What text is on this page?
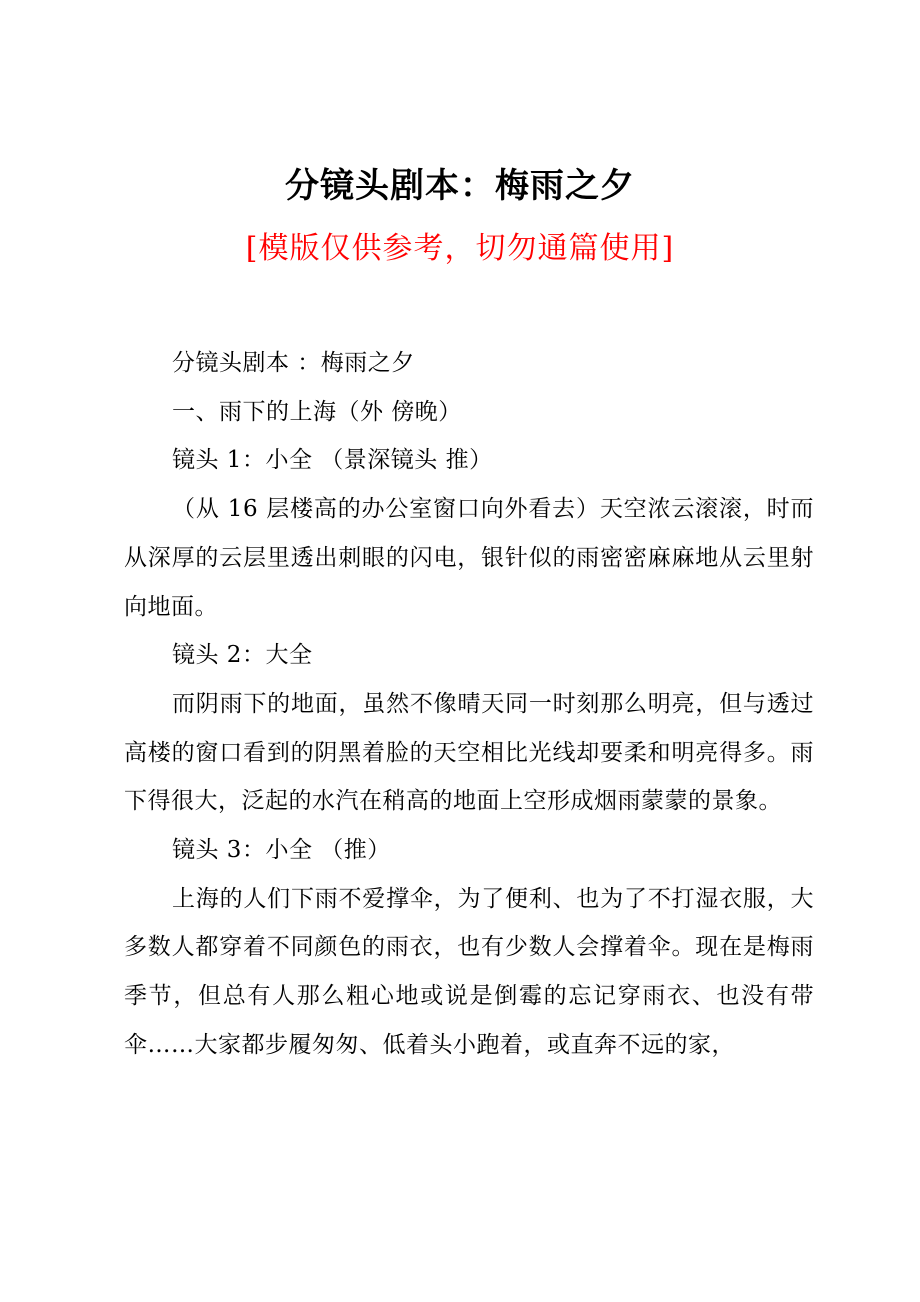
分镜头剧本：梅雨之夕
[模版仅供参考，切勿通篇使用]

分镜头剧本 ：梅雨之夕

一、雨下的上海（外 傍晚）

镜头 1：小全 （景深镜头 推）

（从 16 层楼高的办公室窗口向外看去）天空浓云滚滚，时而从深厚的云层里透出刺眼的闪电，银针似的雨密密麻麻地从云里射向地面。

镜头 2：大全

而阴雨下的地面，虽然不像晴天同一时刻那么明亮，但与透过高楼的窗口看到的阴黑着脸的天空相比光线却要柔和明亮得多。雨下得很大，泛起的水汽在稍高的地面上空形成烟雨蒙蒙的景象。

镜头 3：小全 （推）

上海的人们下雨不爱撑伞，为了便利、也为了不打湿衣服，大多数人都穿着不同颜色的雨衣，也有少数人会撑着伞。现在是梅雨季节，但总有人那么粗心地或说是倒霉的忘记穿雨衣、也没有带伞……大家都步履匆匆、低着头小跑着，或直奔不远的家，
